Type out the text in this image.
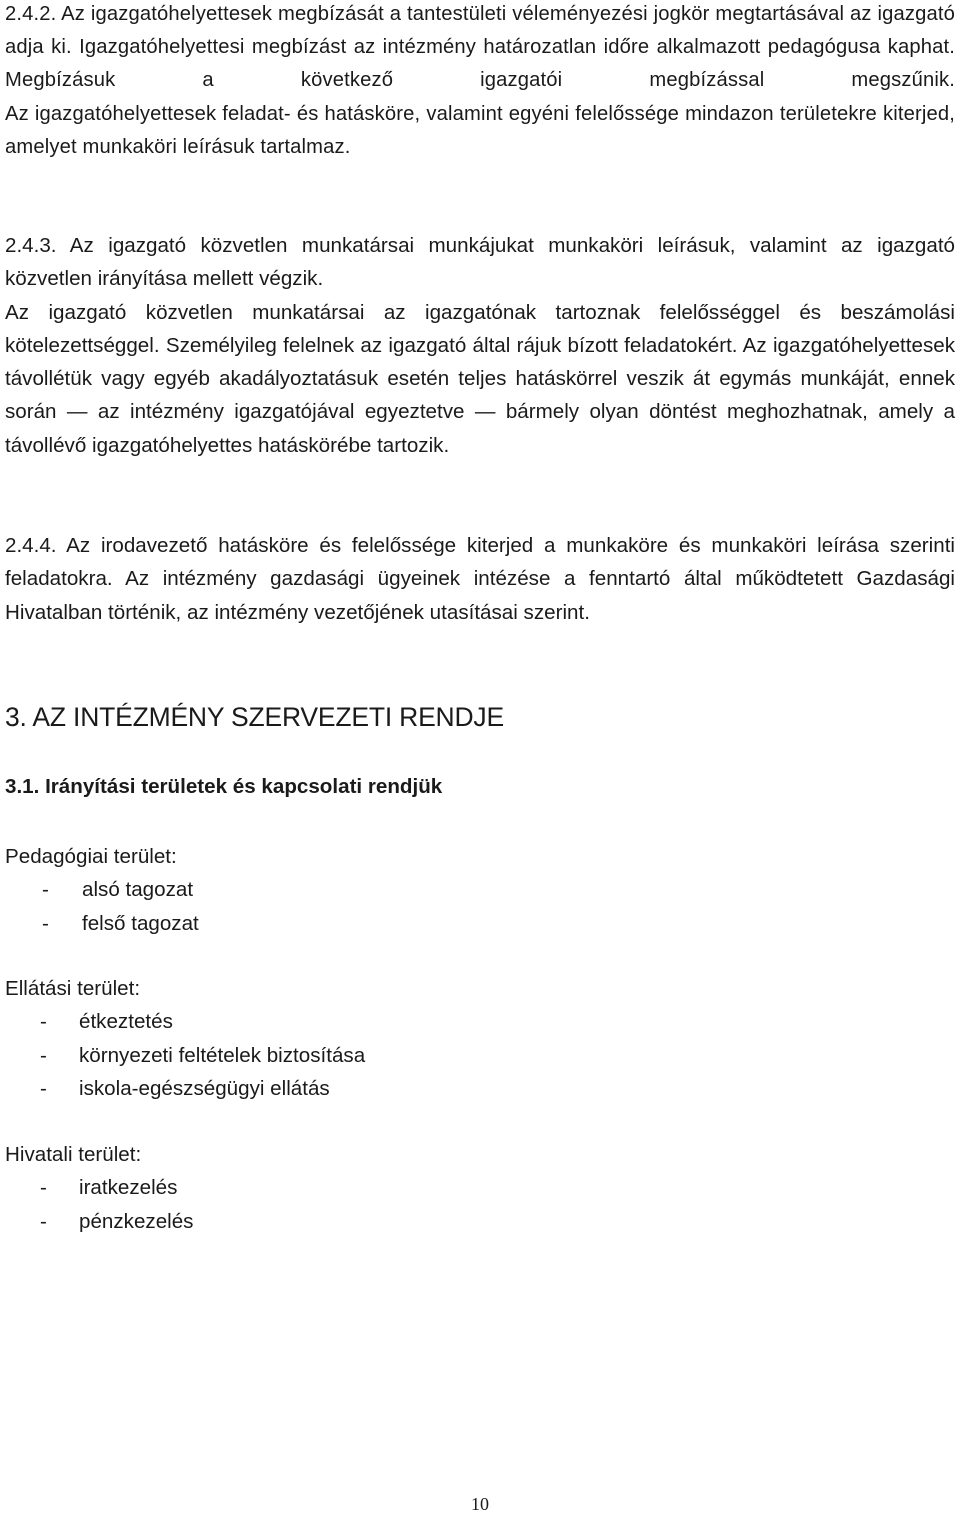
2.4.2. Az igazgatóhelyettesek megbízását a tantestületi véleményezési jogkör megtartásával az igazgató adja ki. Igazgatóhelyettesi megbízást az intézmény határozatlan időre alkalmazott pedagógusa kaphat. Megbízásuk a következő igazgatói megbízással megszűnik.

Az igazgatóhelyettesek feladat- és hatásköre, valamint egyéni felelőssége mindazon területekre kiterjed, amelyet munkaköri leírásuk tartalmaz.

2.4.3. Az igazgató közvetlen munkatársai munkájukat munkaköri leírásuk, valamint az igazgató közvetlen irányítása mellett végzik.

Az igazgató közvetlen munkatársai az igazgatónak tartoznak felelősséggel és beszámolási kötelezettséggel. Személyileg felelnek az igazgató által rájuk bízott feladatokért. Az igazgatóhelyettesek távollétük vagy egyéb akadályoztatásuk esetén teljes hatáskörrel veszik át egymás munkáját, ennek során — az intézmény igazgatójával egyeztetve — bármely olyan döntést meghozhatnak, amely a távollévő igazgatóhelyettes hatáskörébe tartozik.

2.4.4. Az irodavezető hatásköre és felelőssége kiterjed a munkaköre és munkaköri leírása szerinti feladatokra. Az intézmény gazdasági ügyeinek intézése a fenntartó által működtetett Gazdasági Hivatalban történik, az intézmény vezetőjének utasításai szerint.

3. AZ INTÉZMÉNY SZERVEZETI RENDJE
3.1. Irányítási területek és kapcsolati rendjük

Pedagógiai terület:

- alsó tagozat
- felső tagozat

Ellátási terület:

- étkeztetés
- környezeti feltételek biztosítása
- iskola-egészségügyi ellátás

Hivatali terület:

- iratkezelés
- pénzkezelés
10
